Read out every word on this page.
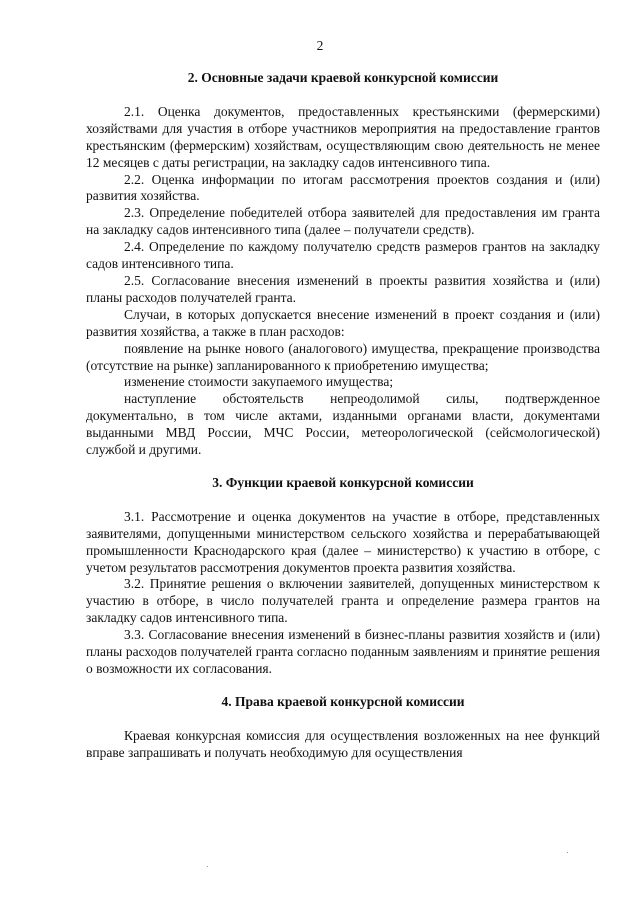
2
2. Основные задачи краевой конкурсной комиссии
2.1. Оценка документов, предоставленных крестьянскими (фермерскими) хозяйствами для участия в отборе участников мероприятия на предоставление грантов крестьянским (фермерским) хозяйствам, осуществляющим свою деятельность не менее 12 месяцев с даты регистрации, на закладку садов интенсивного типа.
2.2. Оценка информации по итогам рассмотрения проектов создания и (или) развития хозяйства.
2.3. Определение победителей отбора заявителей для предоставления им гранта на закладку садов интенсивного типа (далее – получатели средств).
2.4. Определение по каждому получателю средств размеров грантов на закладку садов интенсивного типа.
2.5. Согласование внесения изменений в проекты развития хозяйства и (или) планы расходов получателей гранта.
Случаи, в которых допускается внесение изменений в проект создания и (или) развития хозяйства, а также в план расходов:
появление на рынке нового (аналогового) имущества, прекращение производства (отсутствие на рынке) запланированного к приобретению имущества;
изменение стоимости закупаемого имущества;
наступление обстоятельств непреодолимой силы, подтвержденное документально, в том числе актами, изданными органами власти, документами выданными МВД России, МЧС России, метеорологической (сейсмологической) службой и другими.
3. Функции краевой конкурсной комиссии
3.1. Рассмотрение и оценка документов на участие в отборе, представленных заявителями, допущенными министерством сельского хозяйства и перерабатывающей промышленности Краснодарского края (далее – министерство) к участию в отборе, с учетом результатов рассмотрения документов проекта развития хозяйства.
3.2. Принятие решения о включении заявителей, допущенных министерством к участию в отборе, в число получателей гранта и определение размера грантов на закладку садов интенсивного типа.
3.3. Согласование внесения изменений в бизнес-планы развития хозяйств и (или) планы расходов получателей гранта согласно поданным заявлениям и принятие решения о возможности их согласования.
4. Права краевой конкурсной комиссии
Краевая конкурсная комиссия для осуществления возложенных на нее функций вправе запрашивать и получать необходимую для осуществления
